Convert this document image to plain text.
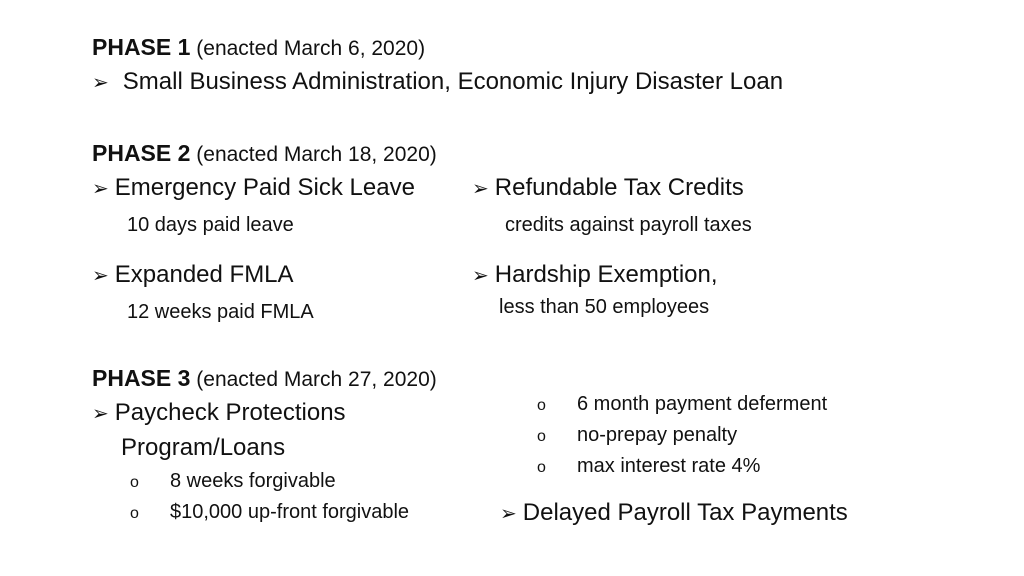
PHASE 1 (enacted March 6, 2020)
➢ Small Business Administration, Economic Injury Disaster Loan
PHASE 2 (enacted March 18, 2020)
➢ Emergency Paid Sick Leave
10 days paid leave
➢ Refundable Tax Credits
credits against payroll taxes
➢ Expanded FMLA
12 weeks paid FMLA
➢ Hardship Exemption,
less than 50 employees
PHASE 3 (enacted March 27, 2020)
➢ Paycheck Protections
Program/Loans
o 8 weeks forgivable
o $10,000 up-front forgivable
o 6 month payment deferment
o no-prepay penalty
o max interest rate 4%
➢ Delayed Payroll Tax Payments
